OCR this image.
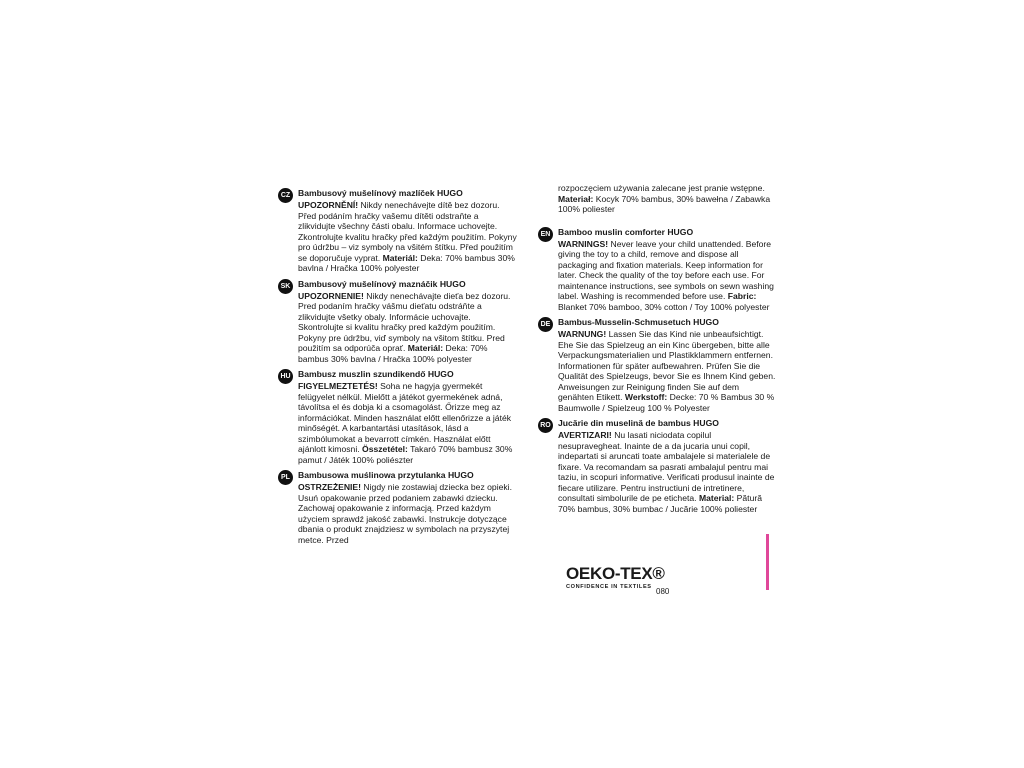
CZ Bambusový mušelínový mazlíček HUGO
UPOZORNĚNÍ! Nikdy nenechávejte dítě bez dozoru. Před podáním hračky vašemu dítěti odstraňte a zlikvidujte všechny části obalu. Informace uchovejte. Zkontrolujte kvalitu hračky před každým použitím. Pokyny pro údržbu – viz symboly na všitém štítku. Před použitím se doporučuje vyprat. Materiál: Deka: 70% bambus 30% bavlna / Hračka 100% polyester
SK Bambusový mušelínový maznáčik HUGO
UPOZORNENIE! Nikdy nenechávajte dieťa bez dozoru. Pred podaním hračky vášmu dieťatu odstráňte a zlikvidujte všetky obaly. Informácie uchovajte. Skontrolujte si kvalitu hračky pred každým použitím. Pokyny pre údržbu, viď symboly na všitom štítku. Pred použitím sa odporúča oprať. Materiál: Deka: 70% bambus 30% bavlna / Hračka 100% polyester
HU Bambusz muszlin szundikendő HUGO
FIGYELMEZTETÉS! Soha ne hagyja gyermekét felügyelet nélkül. Mielőtt a játékot gyermekének adná, távolítsa el és dobja ki a csomagolást. Őrizze meg az információkat. Minden használat előtt ellenőrizze a játék minőségét. A karbantartási utasítások, lásd a szimbólumokat a bevarrott címkén. Használat előtt ajánlott kimosni. Összetétel: Takaró 70% bambusz 30% pamut / Játék 100% poliészter
PL Bambusowa muślinowa przytulanka HUGO
OSTRZEŻENIE! Nigdy nie zostawiaj dziecka bez opieki. Usuń opakowanie przed podaniem zabawki dziecku. Zachowaj opakowanie z informacją. Przed każdym użyciem sprawdź jakość zabawki. Instrukcje dotyczące dbania o produkt znajdziesz w symbolach na przyszytej metce. Przed
rozpoczęciem używania zalecane jest pranie wstępne. Materiał: Kocyk 70% bambus, 30% bawełna / Zabawka 100% poliester
EN Bamboo muslin comforter HUGO
WARNINGS! Never leave your child unattended. Before giving the toy to a child, remove and dispose all packaging and fixation materials. Keep information for later. Check the quality of the toy before each use. For maintenance instructions, see symbols on sewn washing label. Washing is recommended before use. Fabric: Blanket 70% bamboo, 30% cotton / Toy 100% polyester
DE Bambus-Musselin-Schmusetuch HUGO
WARNUNG! Lassen Sie das Kind nie unbeaufsichtigt. Ehe Sie das Spielzeug an ein Kinc übergeben, bitte alle Verpackungsmaterialien und Plastikklammern entfernen. Informationen für später aufbewahren. Prüfen Sie die Qualität des Spielzeugs, bevor Sie es Ihnem Kind geben. Anweisungen zur Reinigung finden Sie auf dem genähten Etikett. Werkstoff: Decke: 70 % Bambus 30 % Baumwolle / Spielzeug 100 % Polyester
RO Jucărie din muselină de bambus HUGO
AVERTIZARI! Nu lasati niciodata copilul nesupravegheat. Inainte de a da jucaria unui copil, indepartati si aruncati toate ambalajele si materialele de fixare. Va recomandam sa pasrati ambalajul pentru mai taziu, in scopuri informative. Verificati produsul inainte de fiecare utilizare. Pentru instructiuni de intretinere, consultati simbolurile de pe eticheta. Material: Pătură 70% bambus, 30% bumbac / Jucărie 100% poliester
OEKO-TEX®
CONFIDENCE IN TEXTILES 080
